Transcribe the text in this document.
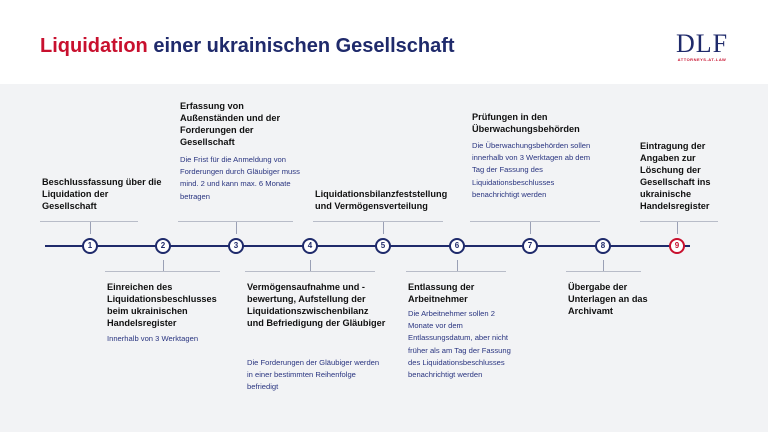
Liquidation einer ukrainischen Gesellschaft	DLF
ATTORNEYS-AT-LAW

Beschlussfassung über die Liquidation der Gesellschaft

1

Einreichen des Liquidationsbeschlusses beim ukrainischen Handelsregister

Innerhalb von 3 Werktagen

2

Erfassung von Außenständen und der Forderungen der Gesellschaft

Die Frist für die Anmeldung von Forderungen durch Gläubiger muss mind. 2 und kann max. 6 Monate betragen

3

Vermögensaufnahme und -bewertung, Aufstellung der Liquidationszwischenbilanz und Befriedigung der Gläubiger

Die Forderungen der Gläubiger werden in einer bestimmten Reihenfolge befriedigt

4

Liquidationsbilanzfeststellung und Vermögensverteilung

5

Entlassung der Arbeitnehmer

Die Arbeitnehmer sollen 2 Monate vor dem Entlassungsdatum, aber nicht früher als am Tag der Fassung des Liquidationsbeschlusses benachrichtigt werden

6

Prüfungen in den Überwachungsbehörden

Die Überwachungsbehörden sollen innerhalb von 3 Werktagen ab dem Tag der Fassung des Liquidationsbeschlusses benachrichtigt werden

7

Übergabe der Unterlagen an das Archivamt

8

Eintragung der Angaben zur Löschung der Gesellschaft ins ukrainische Handelsregister

9
